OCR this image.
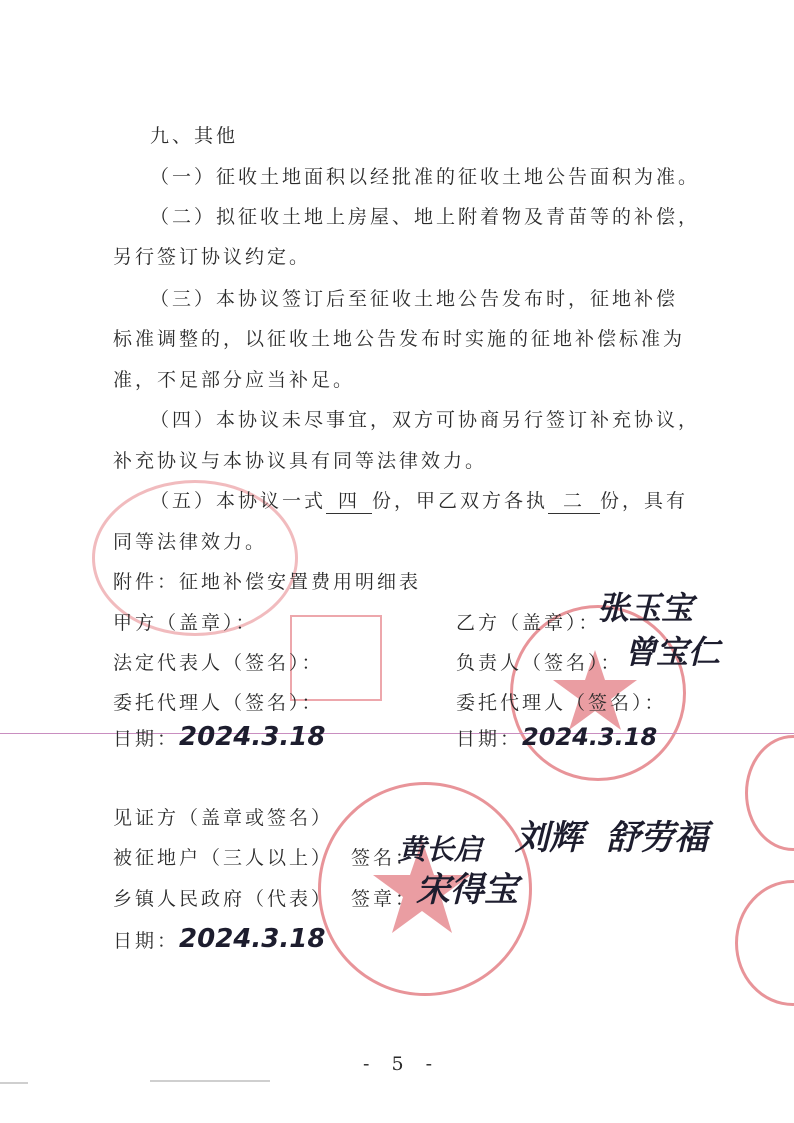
九、其他
（一）征收土地面积以经批准的征收土地公告面积为准。
（二）拟征收土地上房屋、地上附着物及青苗等的补偿，
另行签订协议约定。
（三）本协议签订后至征收土地公告发布时，征地补偿
标准调整的，以征收土地公告发布时实施的征地补偿标准为
准，不足部分应当补足。
（四）本协议未尽事宜，双方可协商另行签订补充协议，
补充协议与本协议具有同等法律效力。
（五）本协议一式 四 份，甲乙双方各执 二 份，具有
同等法律效力。
附件：征地补偿安置费用明细表
甲方（盖章）：
法定代表人（签名）：
委托代理人（签名）：
日期：2024.3.18
乙方（盖章）：
张玉宝
负责人（签名）： 曾宝仁
委托代理人（签名）：
日期：2024.3.18
见证方（盖章或签名）
被征地户（三人以上） 签名：
黄长启 刘辉 舒劳福
乡镇人民政府（代表） 签章：
宋得宝
日期：2024.3.18
- 5 -
